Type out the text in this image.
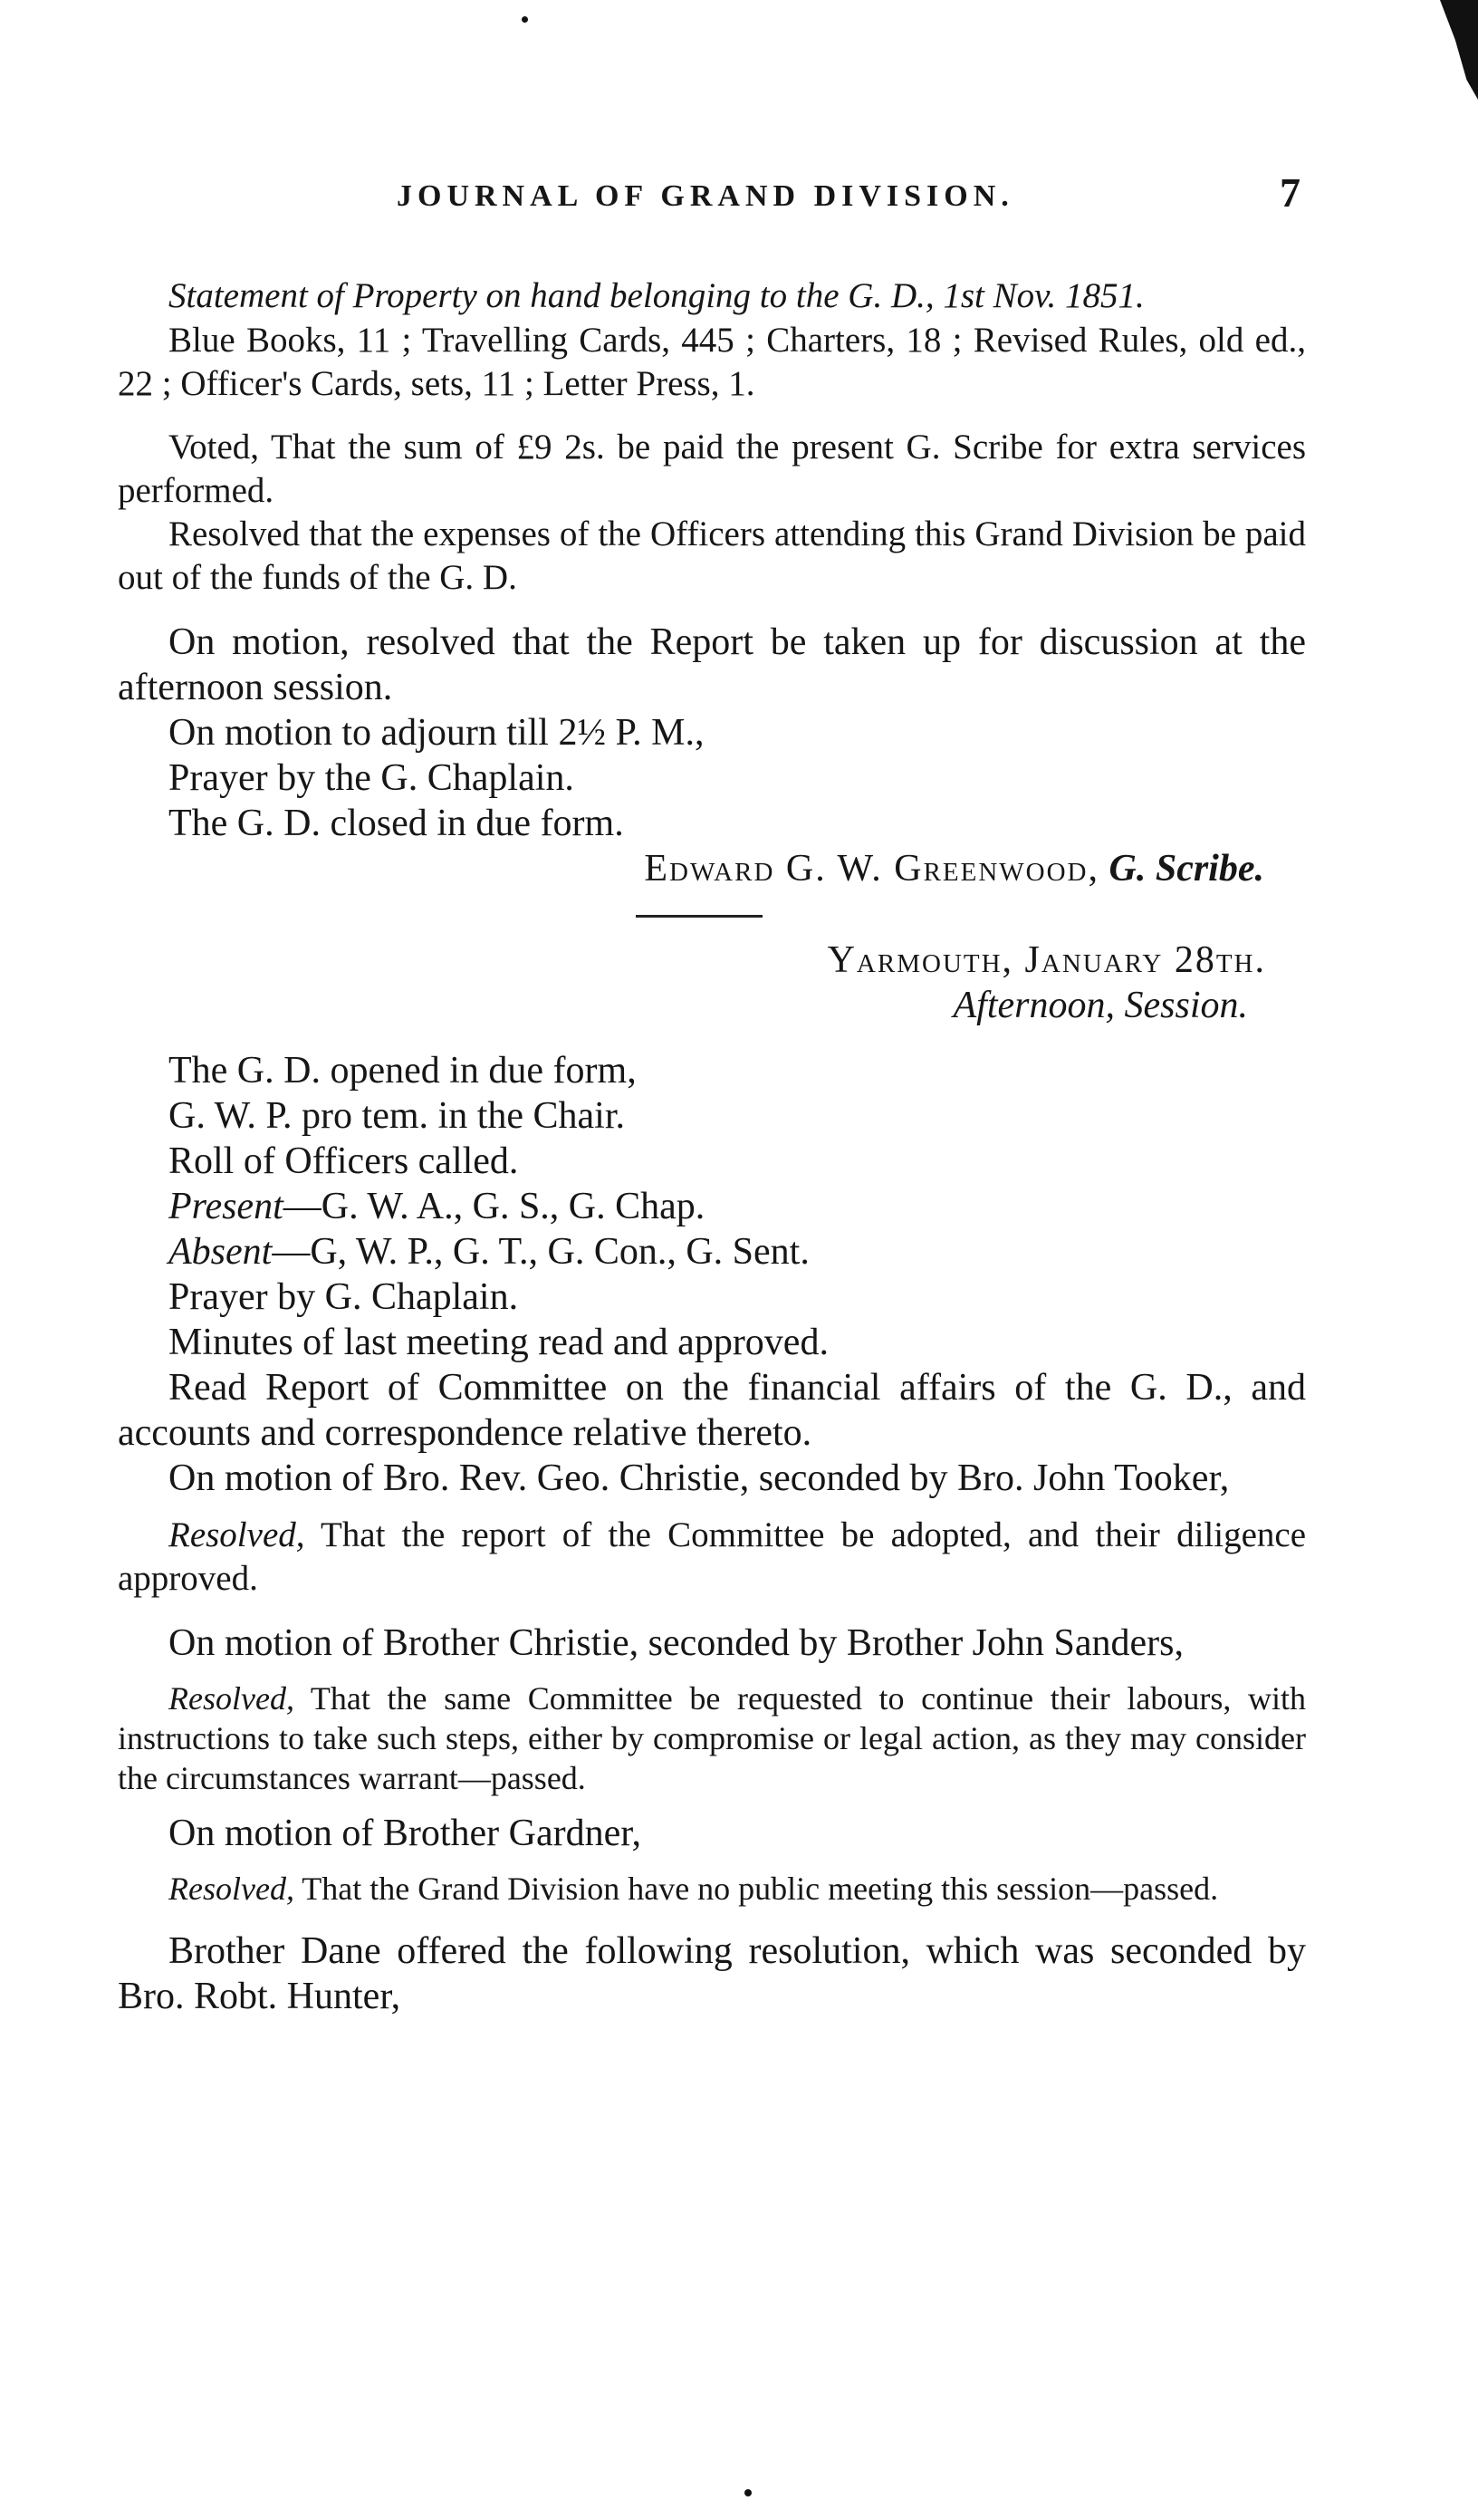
JOURNAL OF GRAND DIVISION.	7

Statement of Property on hand belonging to the G. D., 1st Nov. 1851.

Blue Books, 11 ; Travelling Cards, 445 ; Charters, 18 ; Revised Rules, old ed., 22 ; Officer's Cards, sets, 11 ; Letter Press, 1.

Voted, That the sum of £9 2s. be paid the present G. Scribe for extra services performed.

Resolved that the expenses of the Officers attending this Grand Division be paid out of the funds of the G. D.

On motion, resolved that the Report be taken up for discussion at the afternoon session.

On motion to adjourn till 2½ P. M.,

Prayer by the G. Chaplain.

The G. D. closed in due form.

Edward G. W. Greenwood, G. Scribe.

Yarmouth, January 28th.

Afternoon, Session.

The G. D. opened in due form,

G. W. P. pro tem. in the Chair.

Roll of Officers called.

Present—G. W. A., G. S., G. Chap.

Absent—G, W. P., G. T., G. Con., G. Sent.

Prayer by G. Chaplain.

Minutes of last meeting read and approved.

Read Report of Committee on the financial affairs of the G. D., and accounts and correspondence relative thereto.

On motion of Bro. Rev. Geo. Christie, seconded by Bro. John Tooker,

Resolved, That the report of the Committee be adopted, and their diligence approved.

On motion of Brother Christie, seconded by Brother John Sanders,

Resolved, That the same Committee be requested to continue their labours, with instructions to take such steps, either by compromise or legal action, as they may consider the circumstances warrant—passed.

On motion of Brother Gardner,

Resolved, That the Grand Division have no public meeting this session—passed.

Brother Dane offered the following resolution, which was seconded by Bro. Robt. Hunter,
